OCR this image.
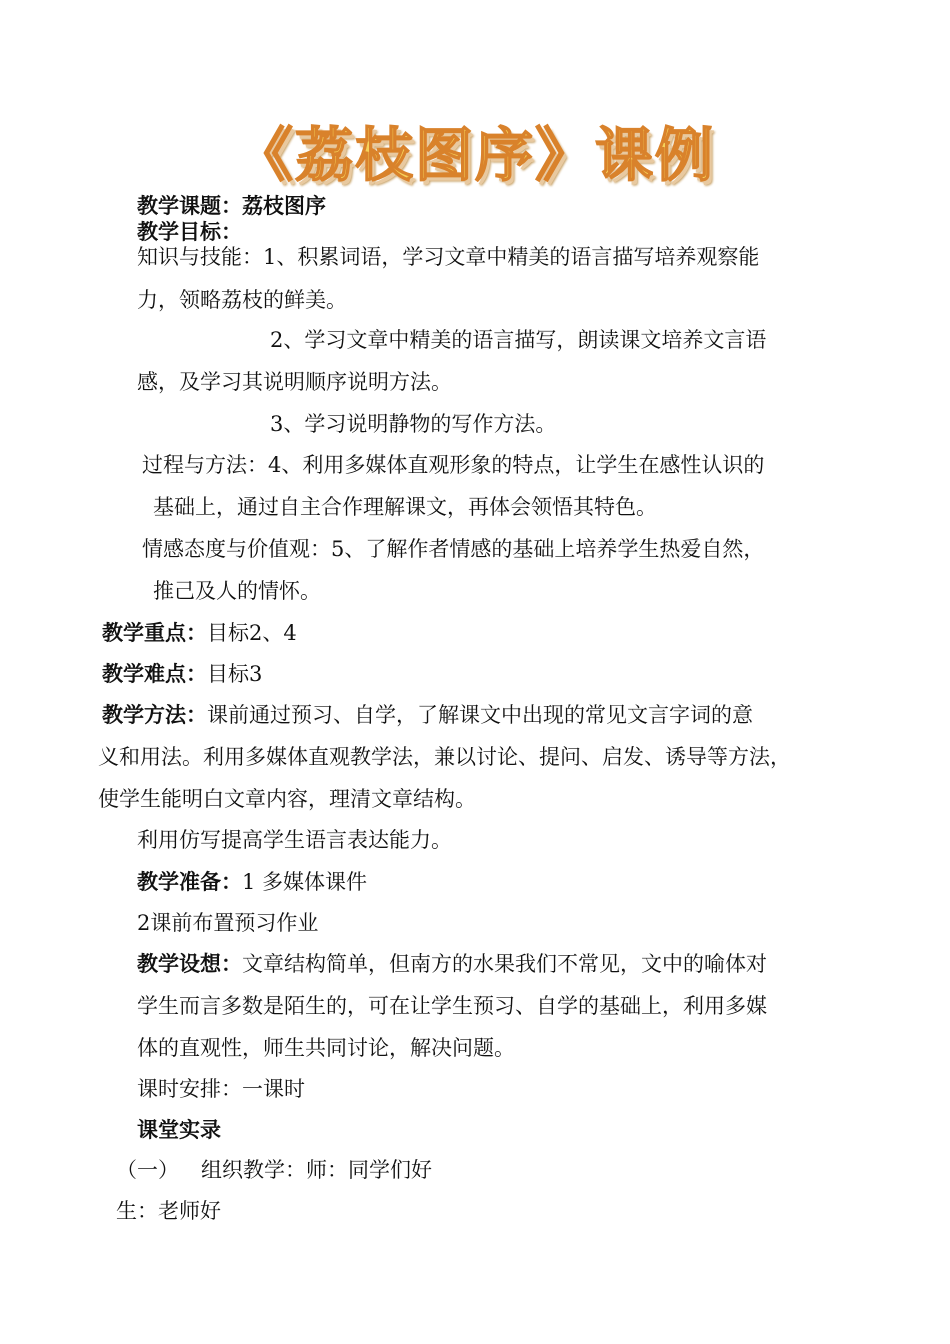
《荔枝图序》课例
教学课题：荔枝图序
教学目标：
知识与技能：1、积累词语，学习文章中精美的语言描写培养观察能
力，领略荔枝的鲜美。
2、学习文章中精美的语言描写，朗读课文培养文言语
感，及学习其说明顺序说明方法。
3、学习说明静物的写作方法。
过程与方法：4、利用多媒体直观形象的特点，让学生在感性认识的
基础上，通过自主合作理解课文，再体会领悟其特色。
情感态度与价值观：5、了解作者情感的基础上培养学生热爱自然，
推己及人的情怀。
教学重点：目标2、4
教学难点：目标3
教学方法：课前通过预习、自学，了解课文中出现的常见文言字词的意
义和用法。利用多媒体直观教学法，兼以讨论、提问、启发、诱导等方法，
使学生能明白文章内容，理清文章结构。
利用仿写提高学生语言表达能力。
教学准备：1 多媒体课件
2课前布置预习作业
教学设想：文章结构简单，但南方的水果我们不常见，文中的喻体对
学生而言多数是陌生的，可在让学生预习、自学的基础上，利用多媒
体的直观性，师生共同讨论，解决问题。
课时安排：一课时
课堂实录
（一） 组织教学：师：同学们好
生：老师好
